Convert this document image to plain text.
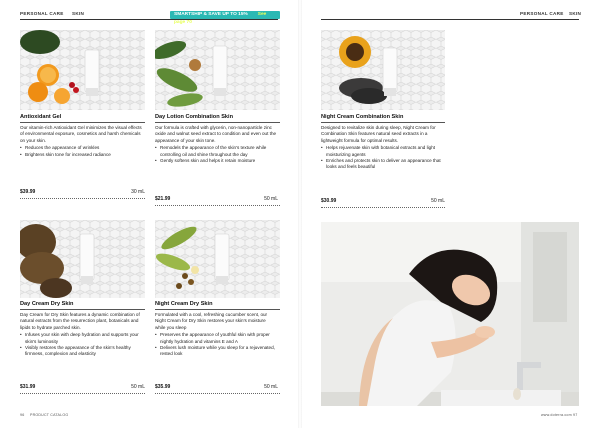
PERSONAL CARE SKIN	SMARTSHIP & SAVE UP TO 15% See page 70
PERSONAL CARE SKIN
Antioxidant Gel
Our vitamin-rich Antioxidant Gel minimizes the visual effects of environmental exposure, cosmetics and harsh chemicals on your skin.
• Reduces the appearance of wrinkles
• Brightens skin tone for increased radiance
$39.99	30 mL
Day Lotion Combination Skin
Our formula is crafted with glycerin, non-nanoparticle zinc oxide and walnut seed extract to condition and even out the appearance of your skin tone.
• Remodels the appearance of the skin's texture while controlling oil and shine throughout the day
• Gently softens skin and helps it retain moisture
$21.99	50 mL
Night Cream Combination Skin
Designed to revitalize skin during sleep, Night Cream for Combination Skin features natural seed extracts in a lightweight formula for optimal results.
• Helps rejuvenate skin with botanical extracts and light moisturizing agents
• Enriches and protects skin to deliver an appearance that looks and feels beautiful
$30.99	50 mL
Day Cream Dry Skin
Day Cream for Dry Skin features a dynamic combination of natural extracts from the resurrection plant, botanicals and lipids to hydrate parched skin.
• Infuses your skin with deep hydration and supports your skin's luminosity
• Visibly restores the appearance of the skin's healthy firmness, complexion and elasticity
$31.99	50 mL
Night Cream Dry Skin
Formulated with a cool, refreshing cucumber scent, our Night Cream for Dry Skin restores your skin's moisture while you sleep
• Preserves the appearance of youthful skin with proper nightly hydration and vitamins E and A
• Delivers lush moisture while you sleep for a rejuvenated, rested look
$35.99	50 mL
96 PRODUCT CATALOG	www.doterra.com 97
